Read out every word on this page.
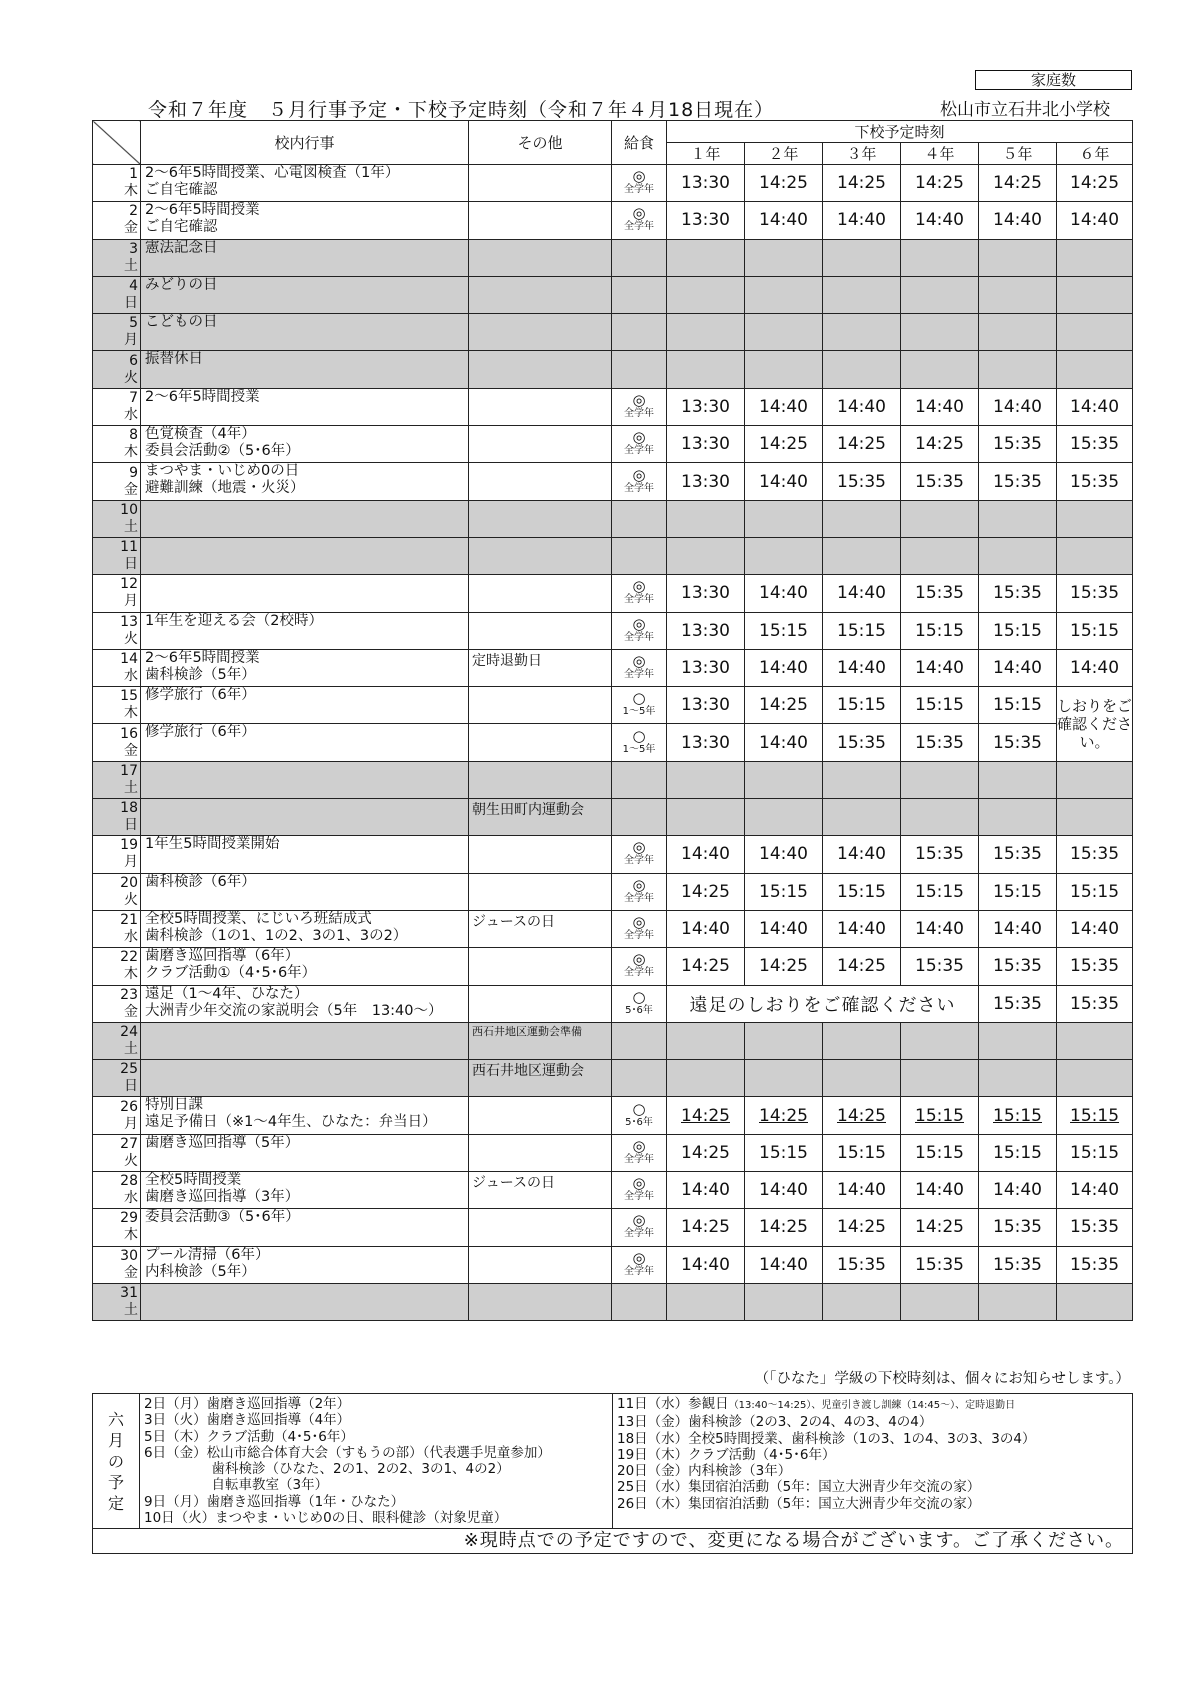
家庭数
令和７年度　５月行事予定・下校予定時刻（令和７年４月18日現在）	松山市立石井北小学校
	校内行事	その他	給食	下校予定時刻					
				１年	２年	３年	４年	５年	６年

1
木	2～6年5時間授業、心電図検査（1年）
ご自宅確認		◎
全学年	13:30	14:25	14:25	14:25	14:25	14:25

2
金	2～6年5時間授業
ご自宅確認		◎
全学年	13:30	14:40	14:40	14:40	14:40	14:40

3
土	憲法記念日								

4
日	みどりの日								

5
月	こどもの日								

6
火	振替休日								

7
水	2～6年5時間授業		◎
全学年	13:30	14:40	14:40	14:40	14:40	14:40

8
木	色覚検査（4年）
委員会活動②（5･6年）		◎
全学年	13:30	14:25	14:25	14:25	15:35	15:35

9
金	まつやま・いじめ0の日
避難訓練（地震・火災）		◎
全学年	13:30	14:40	15:35	15:35	15:35	15:35

10
土									

11
日									

12
月			◎
全学年	13:30	14:40	14:40	15:35	15:35	15:35

13
火	1年生を迎える会（2校時）		◎
全学年	13:30	15:15	15:15	15:15	15:15	15:15

14
水	2～6年5時間授業
歯科検診（5年）	定時退勤日	◎
全学年	13:30	14:40	14:40	14:40	14:40	14:40

15
木	修学旅行（6年）		○
1～5年	13:30	14:25	15:15	15:15	15:15	しおりをご確認ください。

16
金	修学旅行（6年）		○
1～5年	13:30	14:40	15:35	15:35	15:35	

17
土									

18
日		朝生田町内運動会							

19
月	1年生5時間授業開始		◎
全学年	14:40	14:40	14:40	15:35	15:35	15:35

20
火	歯科検診（6年）		◎
全学年	14:25	15:15	15:15	15:15	15:15	15:15

21
水	全校5時間授業、にじいろ班結成式
歯科検診（1の1、1の2、3の1、3の2）	ジュースの日	◎
全学年	14:40	14:40	14:40	14:40	14:40	14:40

22
木	歯磨き巡回指導（6年）
クラブ活動①（4･5･6年）		◎
全学年	14:25	14:25	14:25	15:35	15:35	15:35

23
金	遠足（1～4年、ひなた）
大洲青少年交流の家説明会（5年　13:40～）		○
5･6年	遠足のしおりをご確認ください				15:35	15:35

24
土		西石井地区運動会準備							

25
日		西石井地区運動会							

26
月	特別日課
遠足予備日（※1～4年生、ひなた：弁当日）		○
5･6年	14:25	14:25	14:25	15:15	15:15	15:15

27
火	歯磨き巡回指導（5年）		◎
全学年	14:25	15:15	15:15	15:15	15:15	15:15

28
水	全校5時間授業
歯磨き巡回指導（3年）	ジュースの日	◎
全学年	14:40	14:40	14:40	14:40	14:40	14:40

29
木	委員会活動③（5･6年）		◎
全学年	14:25	14:25	14:25	14:25	15:35	15:35

30
金	プール清掃（6年）
内科検診（5年）		◎
全学年	14:40	14:40	15:35	15:35	15:35	15:35

31
土									

（「ひなた」学級の下校時刻は、個々にお知らせします。）
六
月
の
予
定

2日（月）歯磨き巡回指導（2年）
3日（火）歯磨き巡回指導（4年）
5日（木）クラブ活動（4･5･6年）
6日（金）松山市総合体育大会（すもうの部）（代表選手児童参加）
　　　　　歯科検診（ひなた、2の1、2の2、3の1、4の2）
　　　　　自転車教室（3年）
9日（月）歯磨き巡回指導（1年・ひなた）
10日（火）まつやま・いじめ0の日、眼科健診（対象児童）

11日（水）参観日（13:40～14:25）、児童引き渡し訓練（14:45～）、定時退勤日
13日（金）歯科検診（2の3、2の4、4の3、4の4）
18日（水）全校5時間授業、歯科検診（1の3、1の4、3の3、3の4）
19日（木）クラブ活動（4･5･6年）
20日（金）内科検診（3年）
25日（水）集団宿泊活動（5年：国立大洲青少年交流の家）
26日（木）集団宿泊活動（5年：国立大洲青少年交流の家）

※現時点での予定ですので、変更になる場合がございます。ご了承ください。
